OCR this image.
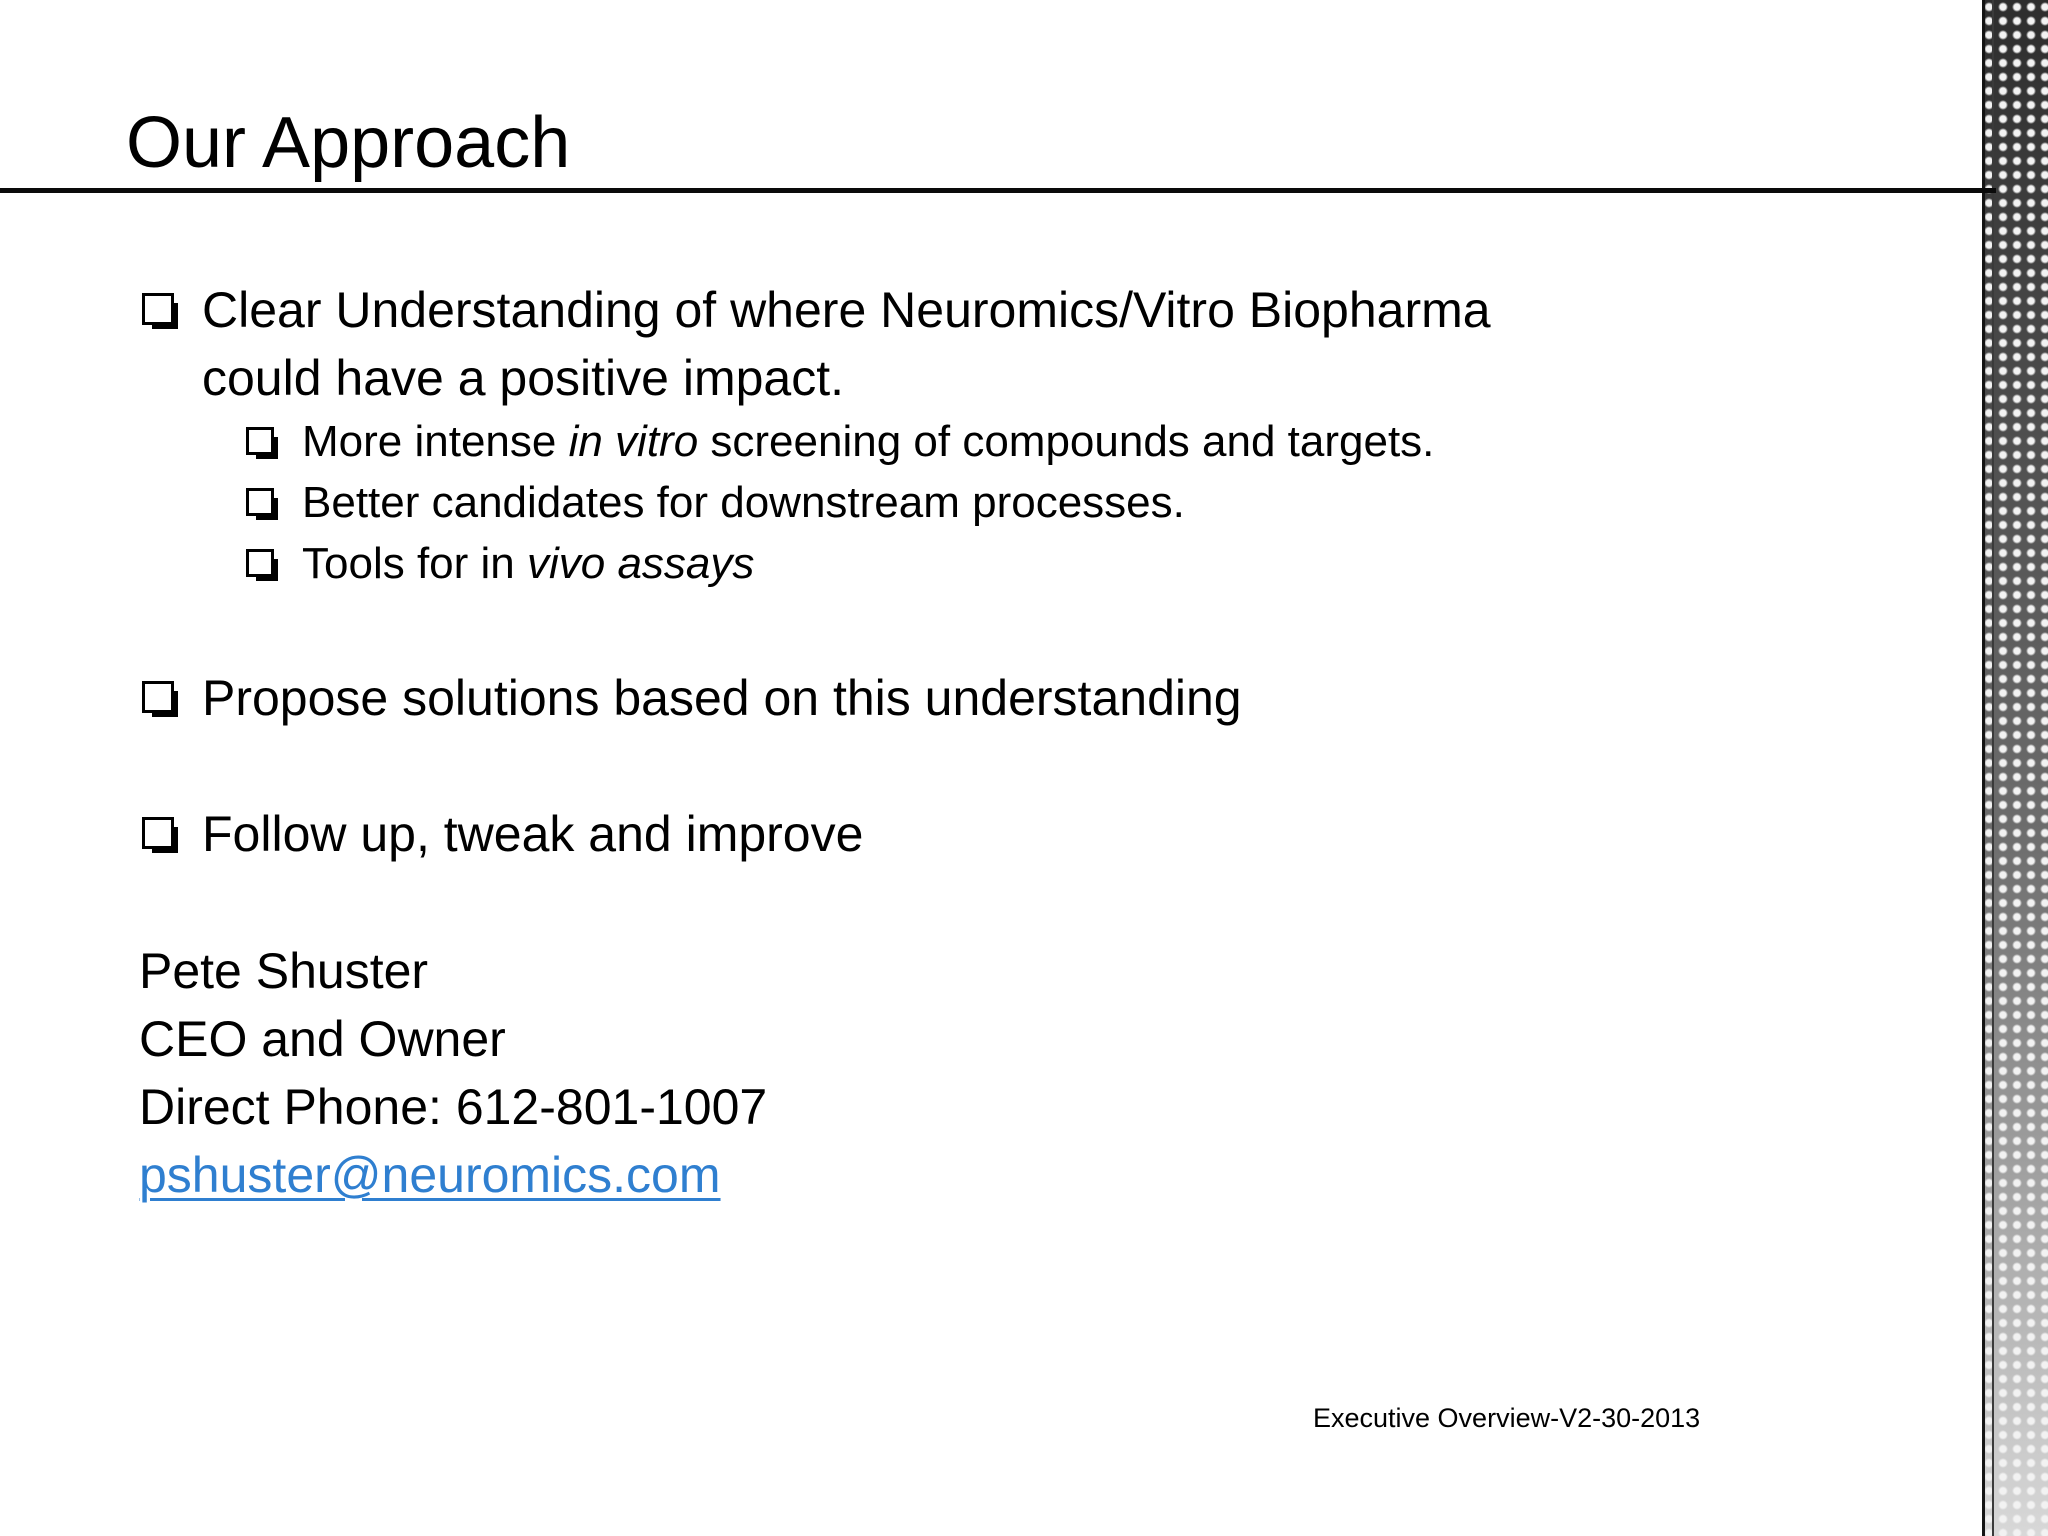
Our Approach
Clear Understanding of where Neuromics/Vitro Biopharma
could have a positive impact.
More intense in vitro screening of compounds and targets.
Better candidates for downstream processes.
Tools for in vivo assays
Propose solutions based on this understanding
Follow up, tweak and improve
Pete Shuster
CEO and Owner
Direct Phone: 612-801-1007
pshuster@neuromics.com
Executive Overview-V2-30-2013
